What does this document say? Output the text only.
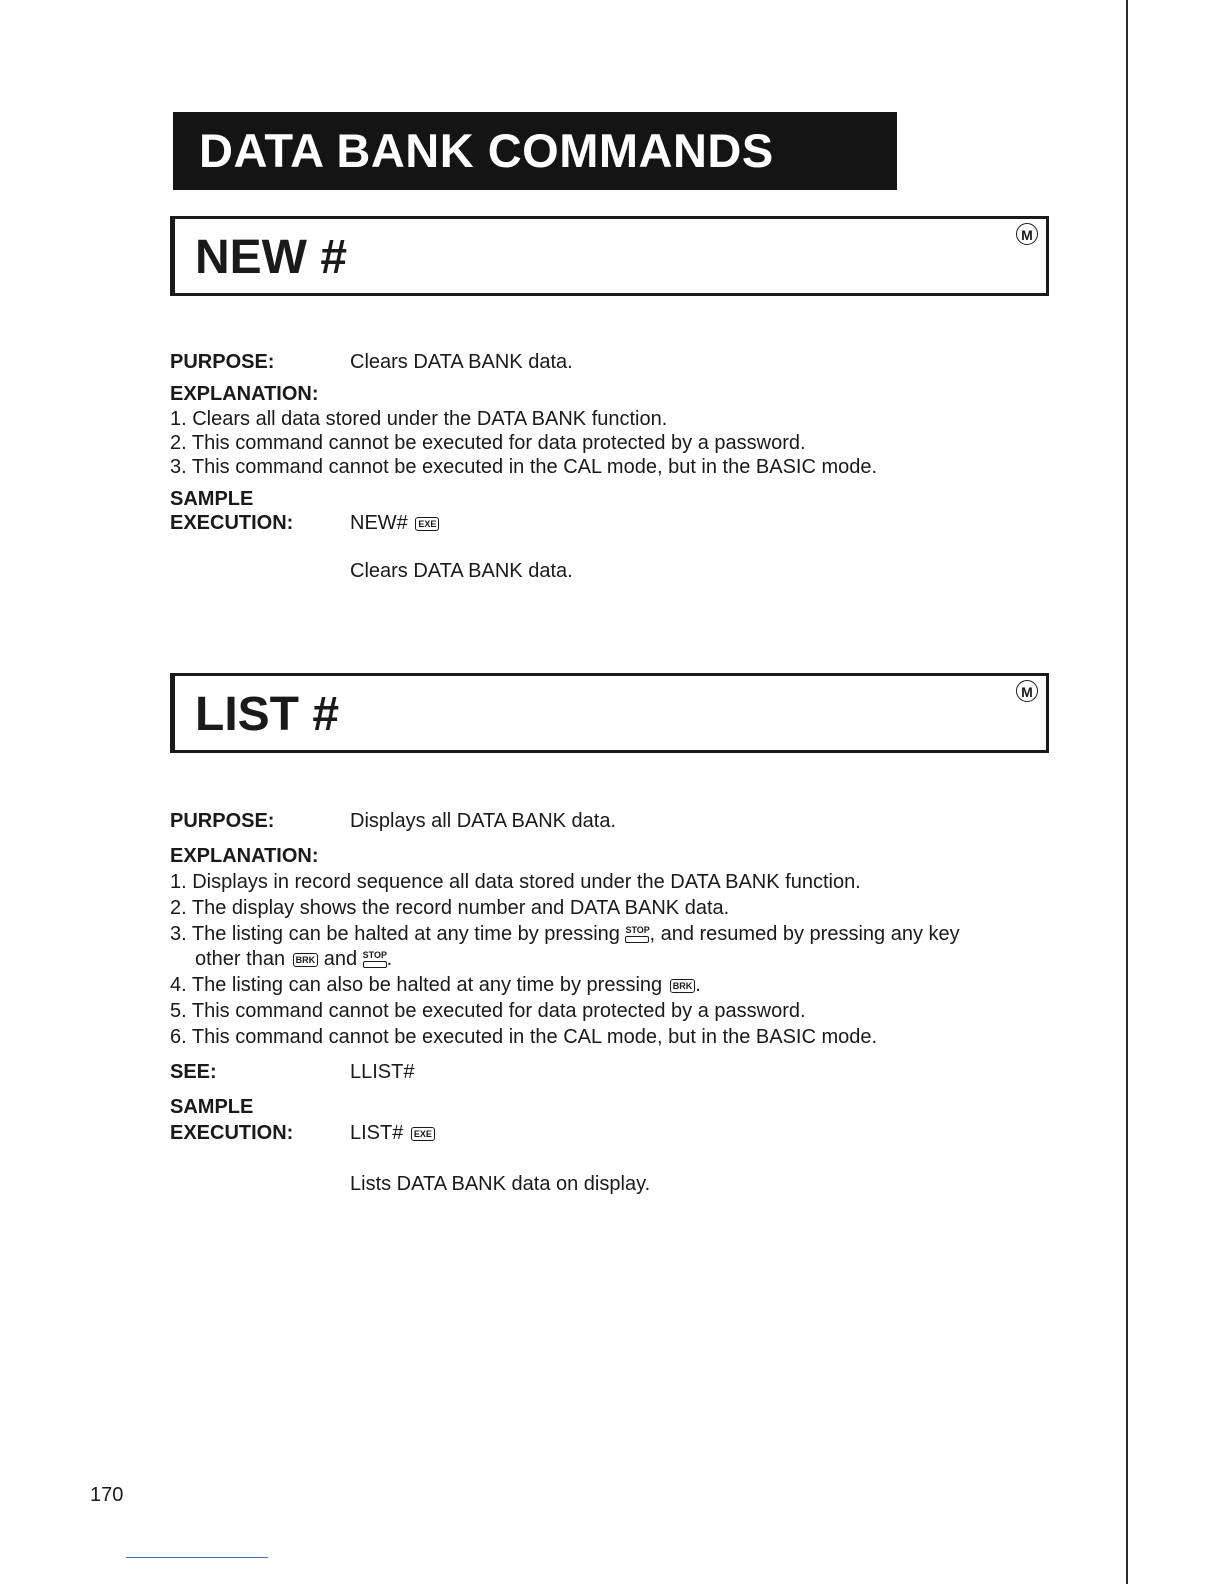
DATA BANK COMMANDS
NEW #	M
PURPOSE:	Clears DATA BANK data.
EXPLANATION:
1. Clears all data stored under the DATA BANK function.
2. This command cannot be executed for data protected by a password.
3. This command cannot be executed in the CAL mode, but in the BASIC mode.
SAMPLE
EXECUTION:	NEW# EXE
Clears DATA BANK data.
LIST #	M
PURPOSE:	Displays all DATA BANK data.
EXPLANATION:
1. Displays in record sequence all data stored under the DATA BANK function.
2. The display shows the record number and DATA BANK data.
3. The listing can be halted at any time by pressing STOP
, and resumed by pressing any key
other than BRK and STOP
.
4. The listing can also be halted at any time by pressing BRK .
5. This command cannot be executed for data protected by a password.
6. This command cannot be executed in the CAL mode, but in the BASIC mode.
SEE:	LLIST#
SAMPLE
EXECUTION:	LIST# EXE
Lists DATA BANK data on display.
170
